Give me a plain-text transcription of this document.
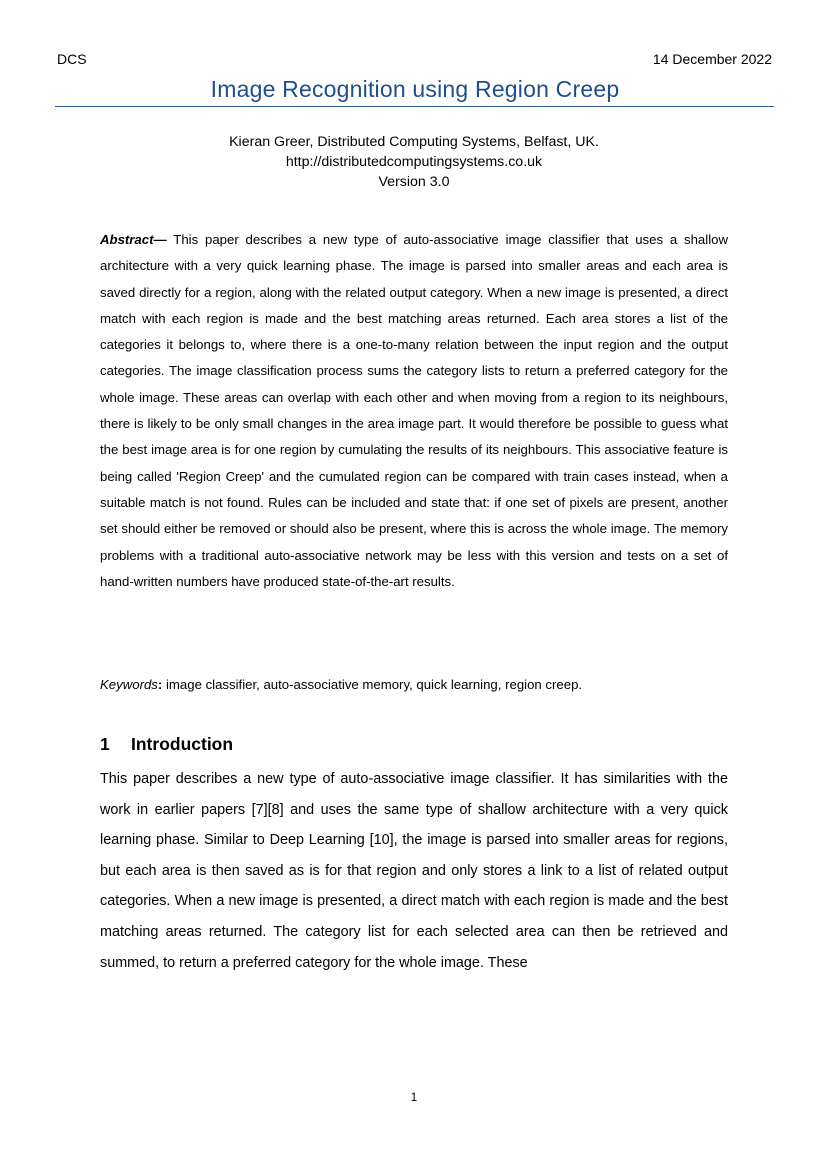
DCS	14 December 2022
Image Recognition using Region Creep
Kieran Greer, Distributed Computing Systems, Belfast, UK.
http://distributedcomputingsystems.co.uk
Version 3.0
Abstract— This paper describes a new type of auto-associative image classifier that uses a shallow architecture with a very quick learning phase. The image is parsed into smaller areas and each area is saved directly for a region, along with the related output category. When a new image is presented, a direct match with each region is made and the best matching areas returned. Each area stores a list of the categories it belongs to, where there is a one-to-many relation between the input region and the output categories. The image classification process sums the category lists to return a preferred category for the whole image. These areas can overlap with each other and when moving from a region to its neighbours, there is likely to be only small changes in the area image part. It would therefore be possible to guess what the best image area is for one region by cumulating the results of its neighbours. This associative feature is being called 'Region Creep' and the cumulated region can be compared with train cases instead, when a suitable match is not found. Rules can be included and state that: if one set of pixels are present, another set should either be removed or should also be present, where this is across the whole image. The memory problems with a traditional auto-associative network may be less with this version and tests on a set of hand-written numbers have produced state-of-the-art results.
Keywords: image classifier, auto-associative memory, quick learning, region creep.
1 Introduction
This paper describes a new type of auto-associative image classifier. It has similarities with the work in earlier papers [7][8] and uses the same type of shallow architecture with a very quick learning phase. Similar to Deep Learning [10], the image is parsed into smaller areas for regions, but each area is then saved as is for that region and only stores a link to a list of related output categories. When a new image is presented, a direct match with each region is made and the best matching areas returned. The category list for each selected area can then be retrieved and summed, to return a preferred category for the whole image. These
1
